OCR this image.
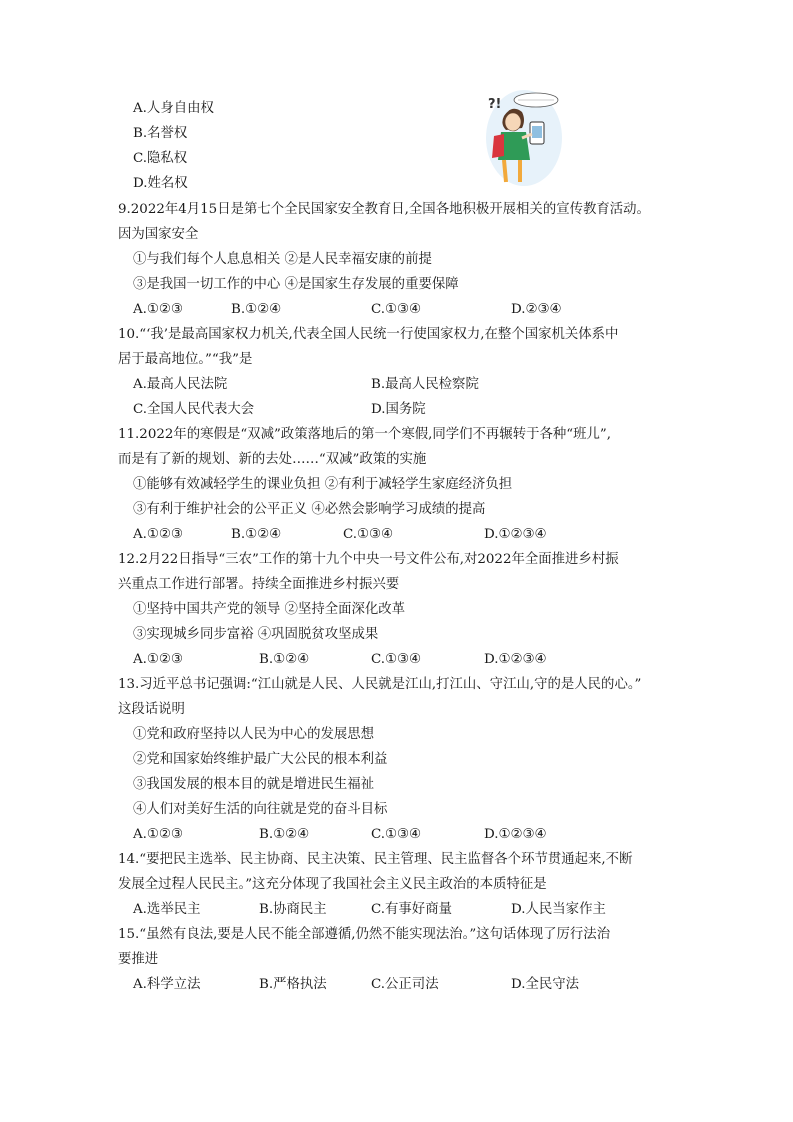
A.人身自由权
B.名誉权
C.隐私权
D.姓名权
?!
9.2022年4月15日是第七个全民国家安全教育日,全国各地积极开展相关的宣传教育活动。
因为国家安全
①与我们每个人息息相关 ②是人民幸福安康的前提
③是我国一切工作的中心 ④是国家生存发展的重要保障
A.①②③	B.①②④	C.①③④	D.②③④
10.“‘我’是最高国家权力机关,代表全国人民统一行使国家权力,在整个国家机关体系中
居于最高地位。”“我”是
A.最高人民法院	B.最高人民检察院
C.全国人民代表大会	D.国务院
11.2022年的寒假是“双减”政策落地后的第一个寒假,同学们不再辗转于各种“班儿”,
而是有了新的规划、新的去处……“双减”政策的实施
①能够有效减轻学生的课业负担 ②有利于减轻学生家庭经济负担
③有利于维护社会的公平正义 ④必然会影响学习成绩的提高
A.①②③	B.①②④	C.①③④	D.①②③④
12.2月22日指导“三农”工作的第十九个中央一号文件公布,对2022年全面推进乡村振
兴重点工作进行部署。持续全面推进乡村振兴要
①坚持中国共产党的领导 ②坚持全面深化改革
③实现城乡同步富裕 ④巩固脱贫攻坚成果
A.①②③	B.①②④	C.①③④	D.①②③④
13.习近平总书记强调:“江山就是人民、人民就是江山,打江山、守江山,守的是人民的心。”
这段话说明
①党和政府坚持以人民为中心的发展思想
②党和国家始终维护最广大公民的根本利益
③我国发展的根本目的就是增进民生福祉
④人们对美好生活的向往就是党的奋斗目标
A.①②③	B.①②④	C.①③④	D.①②③④
14.“要把民主选举、民主协商、民主决策、民主管理、民主监督各个环节贯通起来,不断
发展全过程人民民主。”这充分体现了我国社会主义民主政治的本质特征是
A.选举民主	B.协商民主	C.有事好商量	D.人民当家作主
15.“虽然有良法,要是人民不能全部遵循,仍然不能实现法治。”这句话体现了厉行法治
要推进
A.科学立法	B.严格执法	C.公正司法	D.全民守法
